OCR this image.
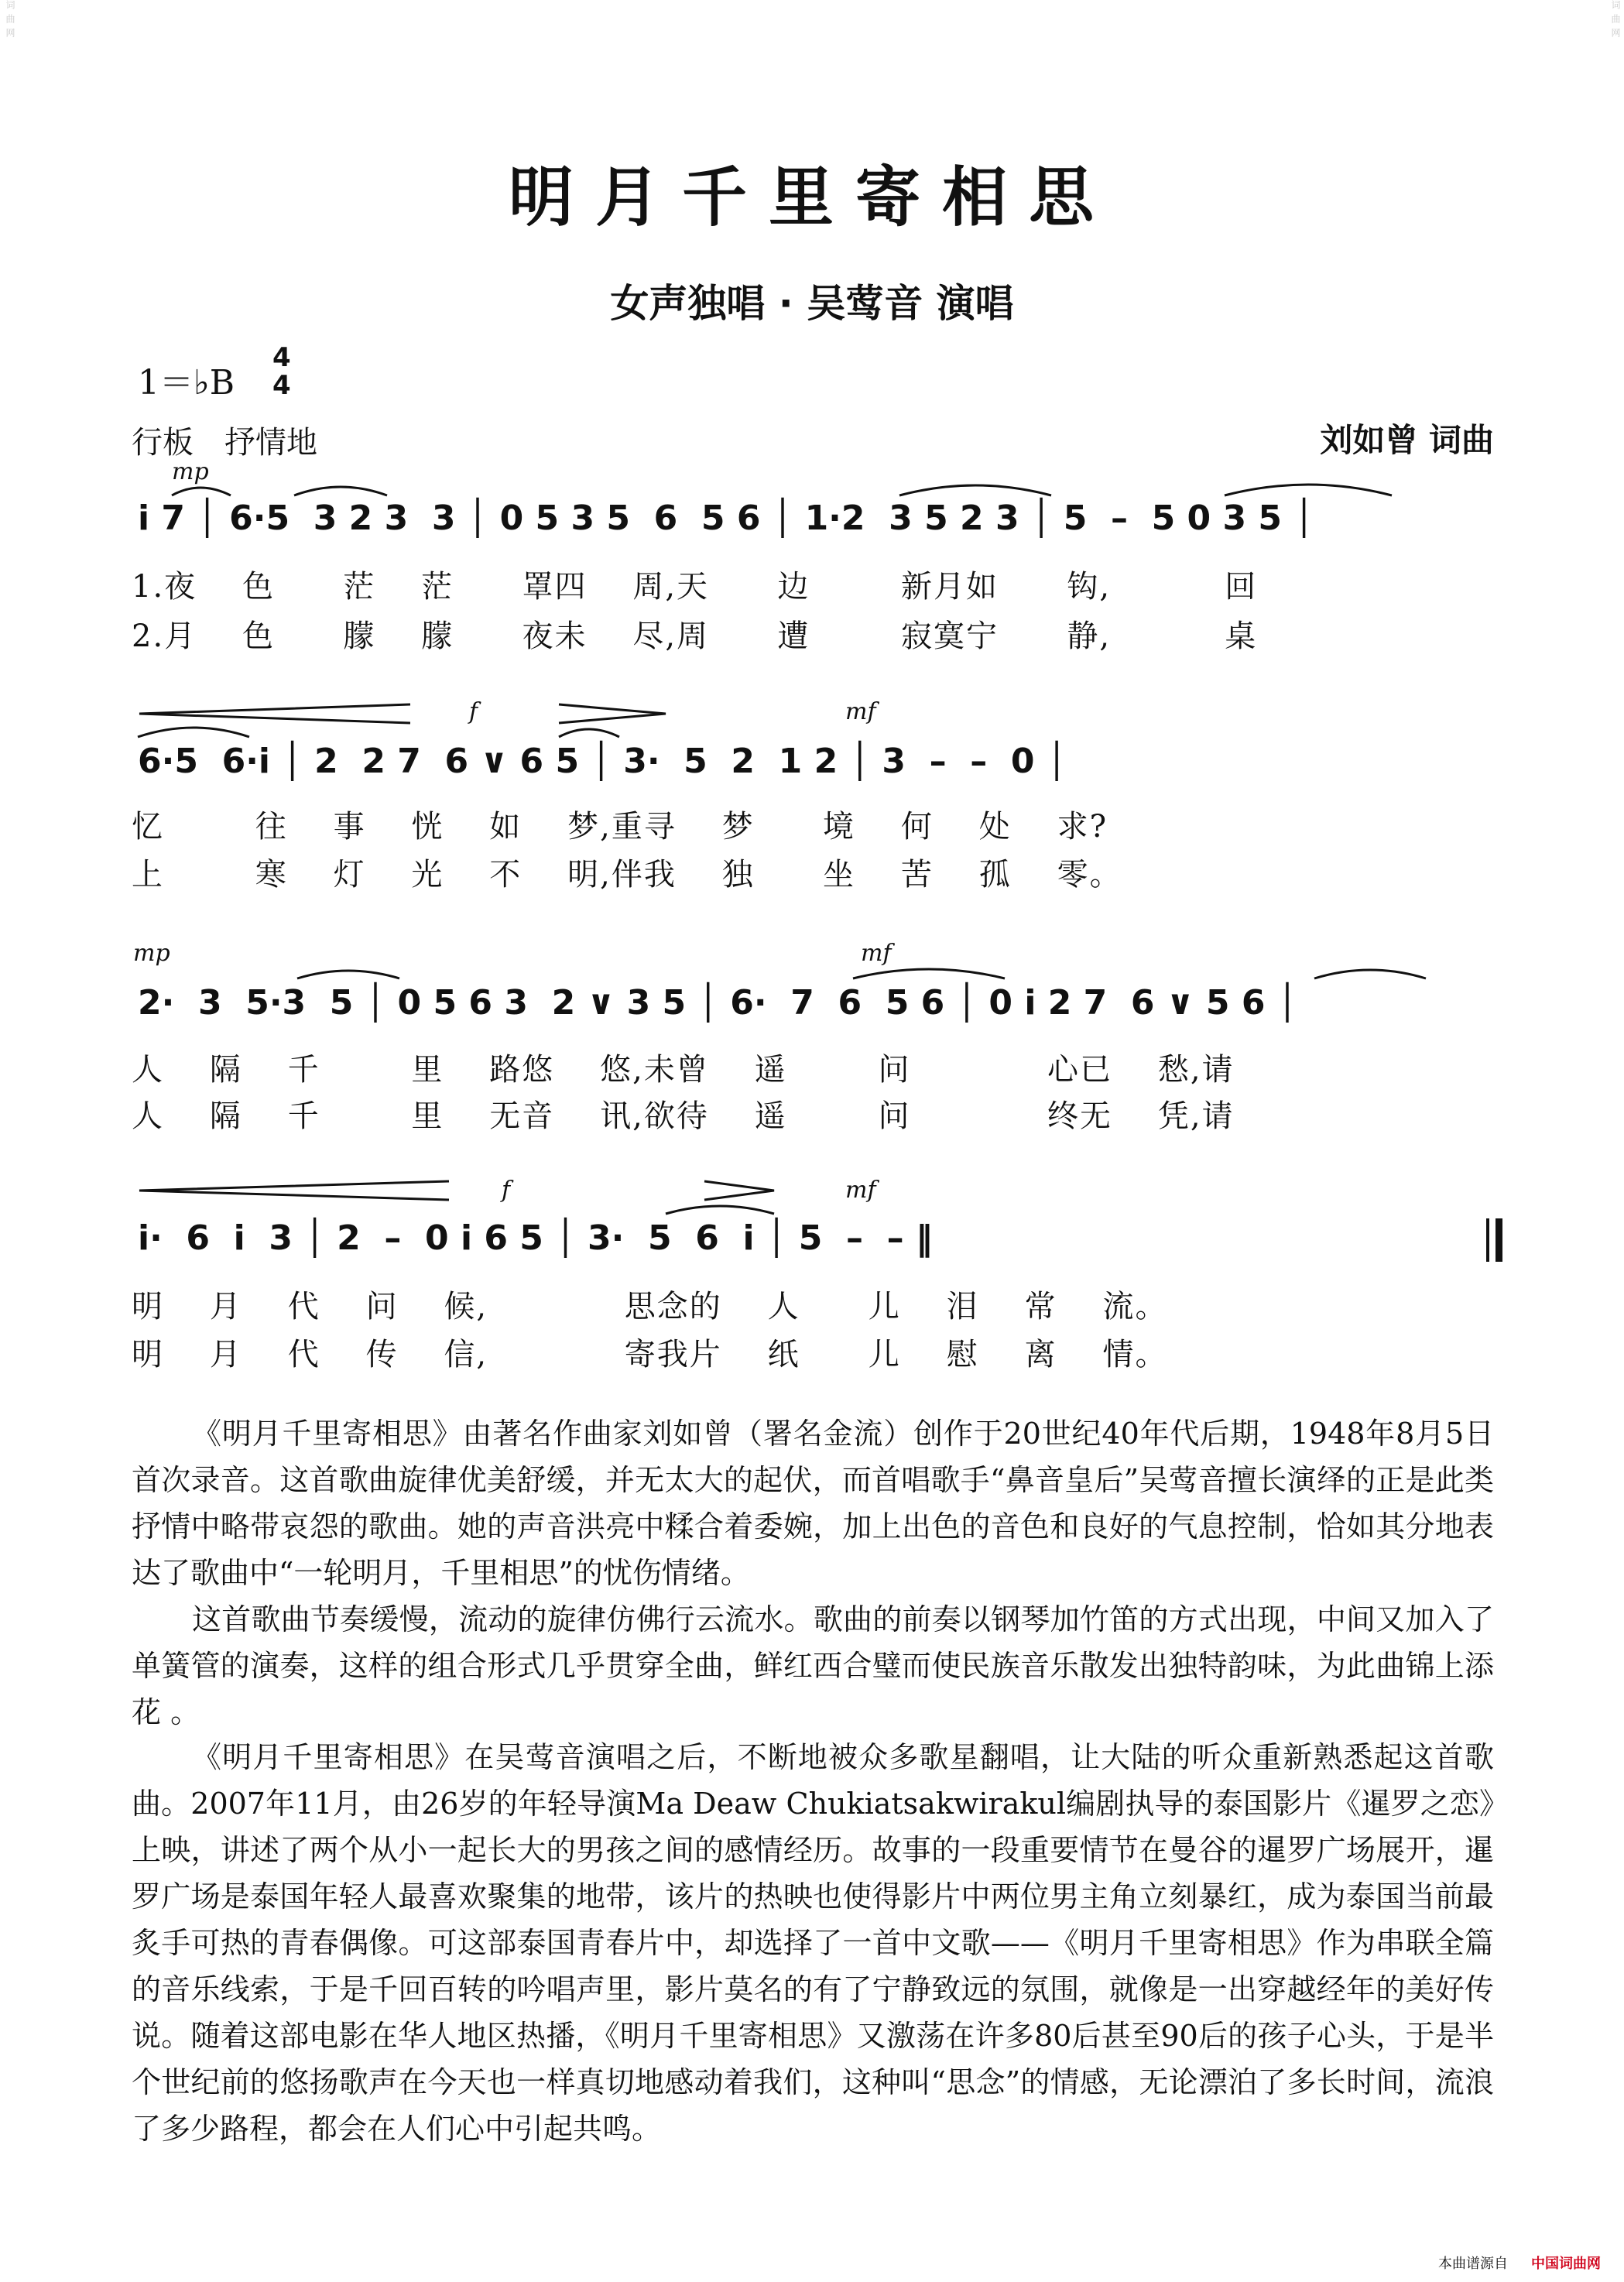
词曲网	词曲网
明月千里寄相思
女声独唱 · 吴莺音 演唱
1＝♭B
4
4
行板　抒情地	刘如曾 词曲
mp
i 7 │ 6·5  3 2 3  3 │ 0 5 3 5  6  5 6 │ 1·2  3 5 2 3 │ 5  –  5 0 3 5 │
1.夜    色      茫    茫      罩四    周,天      边        新月如      钩,          回
2.月    色      朦    朦      夜未    尽,周      遭        寂寞宁      静,          桌
f	mf
6·5  6·i │ 2  2 7  6 ∨ 6 5 │ 3·  5  2  1 2 │ 3  –  –  0 │
忆        往    事    恍    如    梦,重寻    梦      境    何    处    求?
上        寒    灯    光    不    明,伴我    独      坐    苦    孤    零。
mp	mf
2·  3  5·3  5 │ 0 5 6 3  2 ∨ 3 5 │ 6·  7  6  5 6 │ 0 i 2 7  6 ∨ 5 6 │
人    隔    千        里    路悠    悠,未曾    遥        问            心已    愁,请
人    隔    千        里    无音    讯,欲待    遥        问            终无    凭,请
f	mf
i·  6  i  3 │ 2  –  0 i 6 5 │ 3·  5  6  i │ 5  –  – ‖
明    月    代    问    候,            思念的    人      儿    泪    常    流。
明    月    代    传    信,            寄我片    纸      儿    慰    离    情。
《明月千里寄相思》由著名作曲家刘如曾（署名金流）创作于20世纪40年代后期，1948年8月5日首次录音。这首歌曲旋律优美舒缓，并无太大的起伏，而首唱歌手“鼻音皇后”吴莺音擅长演绎的正是此类抒情中略带哀怨的歌曲。她的声音洪亮中糅合着委婉，加上出色的音色和良好的气息控制，恰如其分地表达了歌曲中“一轮明月，千里相思”的忧伤情绪。
这首歌曲节奏缓慢，流动的旋律仿佛行云流水。歌曲的前奏以钢琴加竹笛的方式出现，中间又加入了单簧管的演奏，这样的组合形式几乎贯穿全曲，鲜红西合璧而使民族音乐散发出独特韵味，为此曲锦上添花 。
《明月千里寄相思》在吴莺音演唱之后，不断地被众多歌星翻唱，让大陆的听众重新熟悉起这首歌曲。2007年11月，由26岁的年轻导演Ma Deaw Chukiatsakwirakul编剧执导的泰国影片《暹罗之恋》上映，讲述了两个从小一起长大的男孩之间的感情经历。故事的一段重要情节在曼谷的暹罗广场展开，暹罗广场是泰国年轻人最喜欢聚集的地带，该片的热映也使得影片中两位男主角立刻暴红，成为泰国当前最炙手可热的青春偶像。可这部泰国青春片中，却选择了一首中文歌——《明月千里寄相思》作为串联全篇的音乐线索，于是千回百转的吟唱声里，影片莫名的有了宁静致远的氛围，就像是一出穿越经年的美好传说。随着这部电影在华人地区热播，《明月千里寄相思》又激荡在许多80后甚至90后的孩子心头，于是半个世纪前的悠扬歌声在今天也一样真切地感动着我们，这种叫“思念”的情感，无论漂泊了多长时间，流浪了多少路程，都会在人们心中引起共鸣。
本曲谱源自 中国词曲网
